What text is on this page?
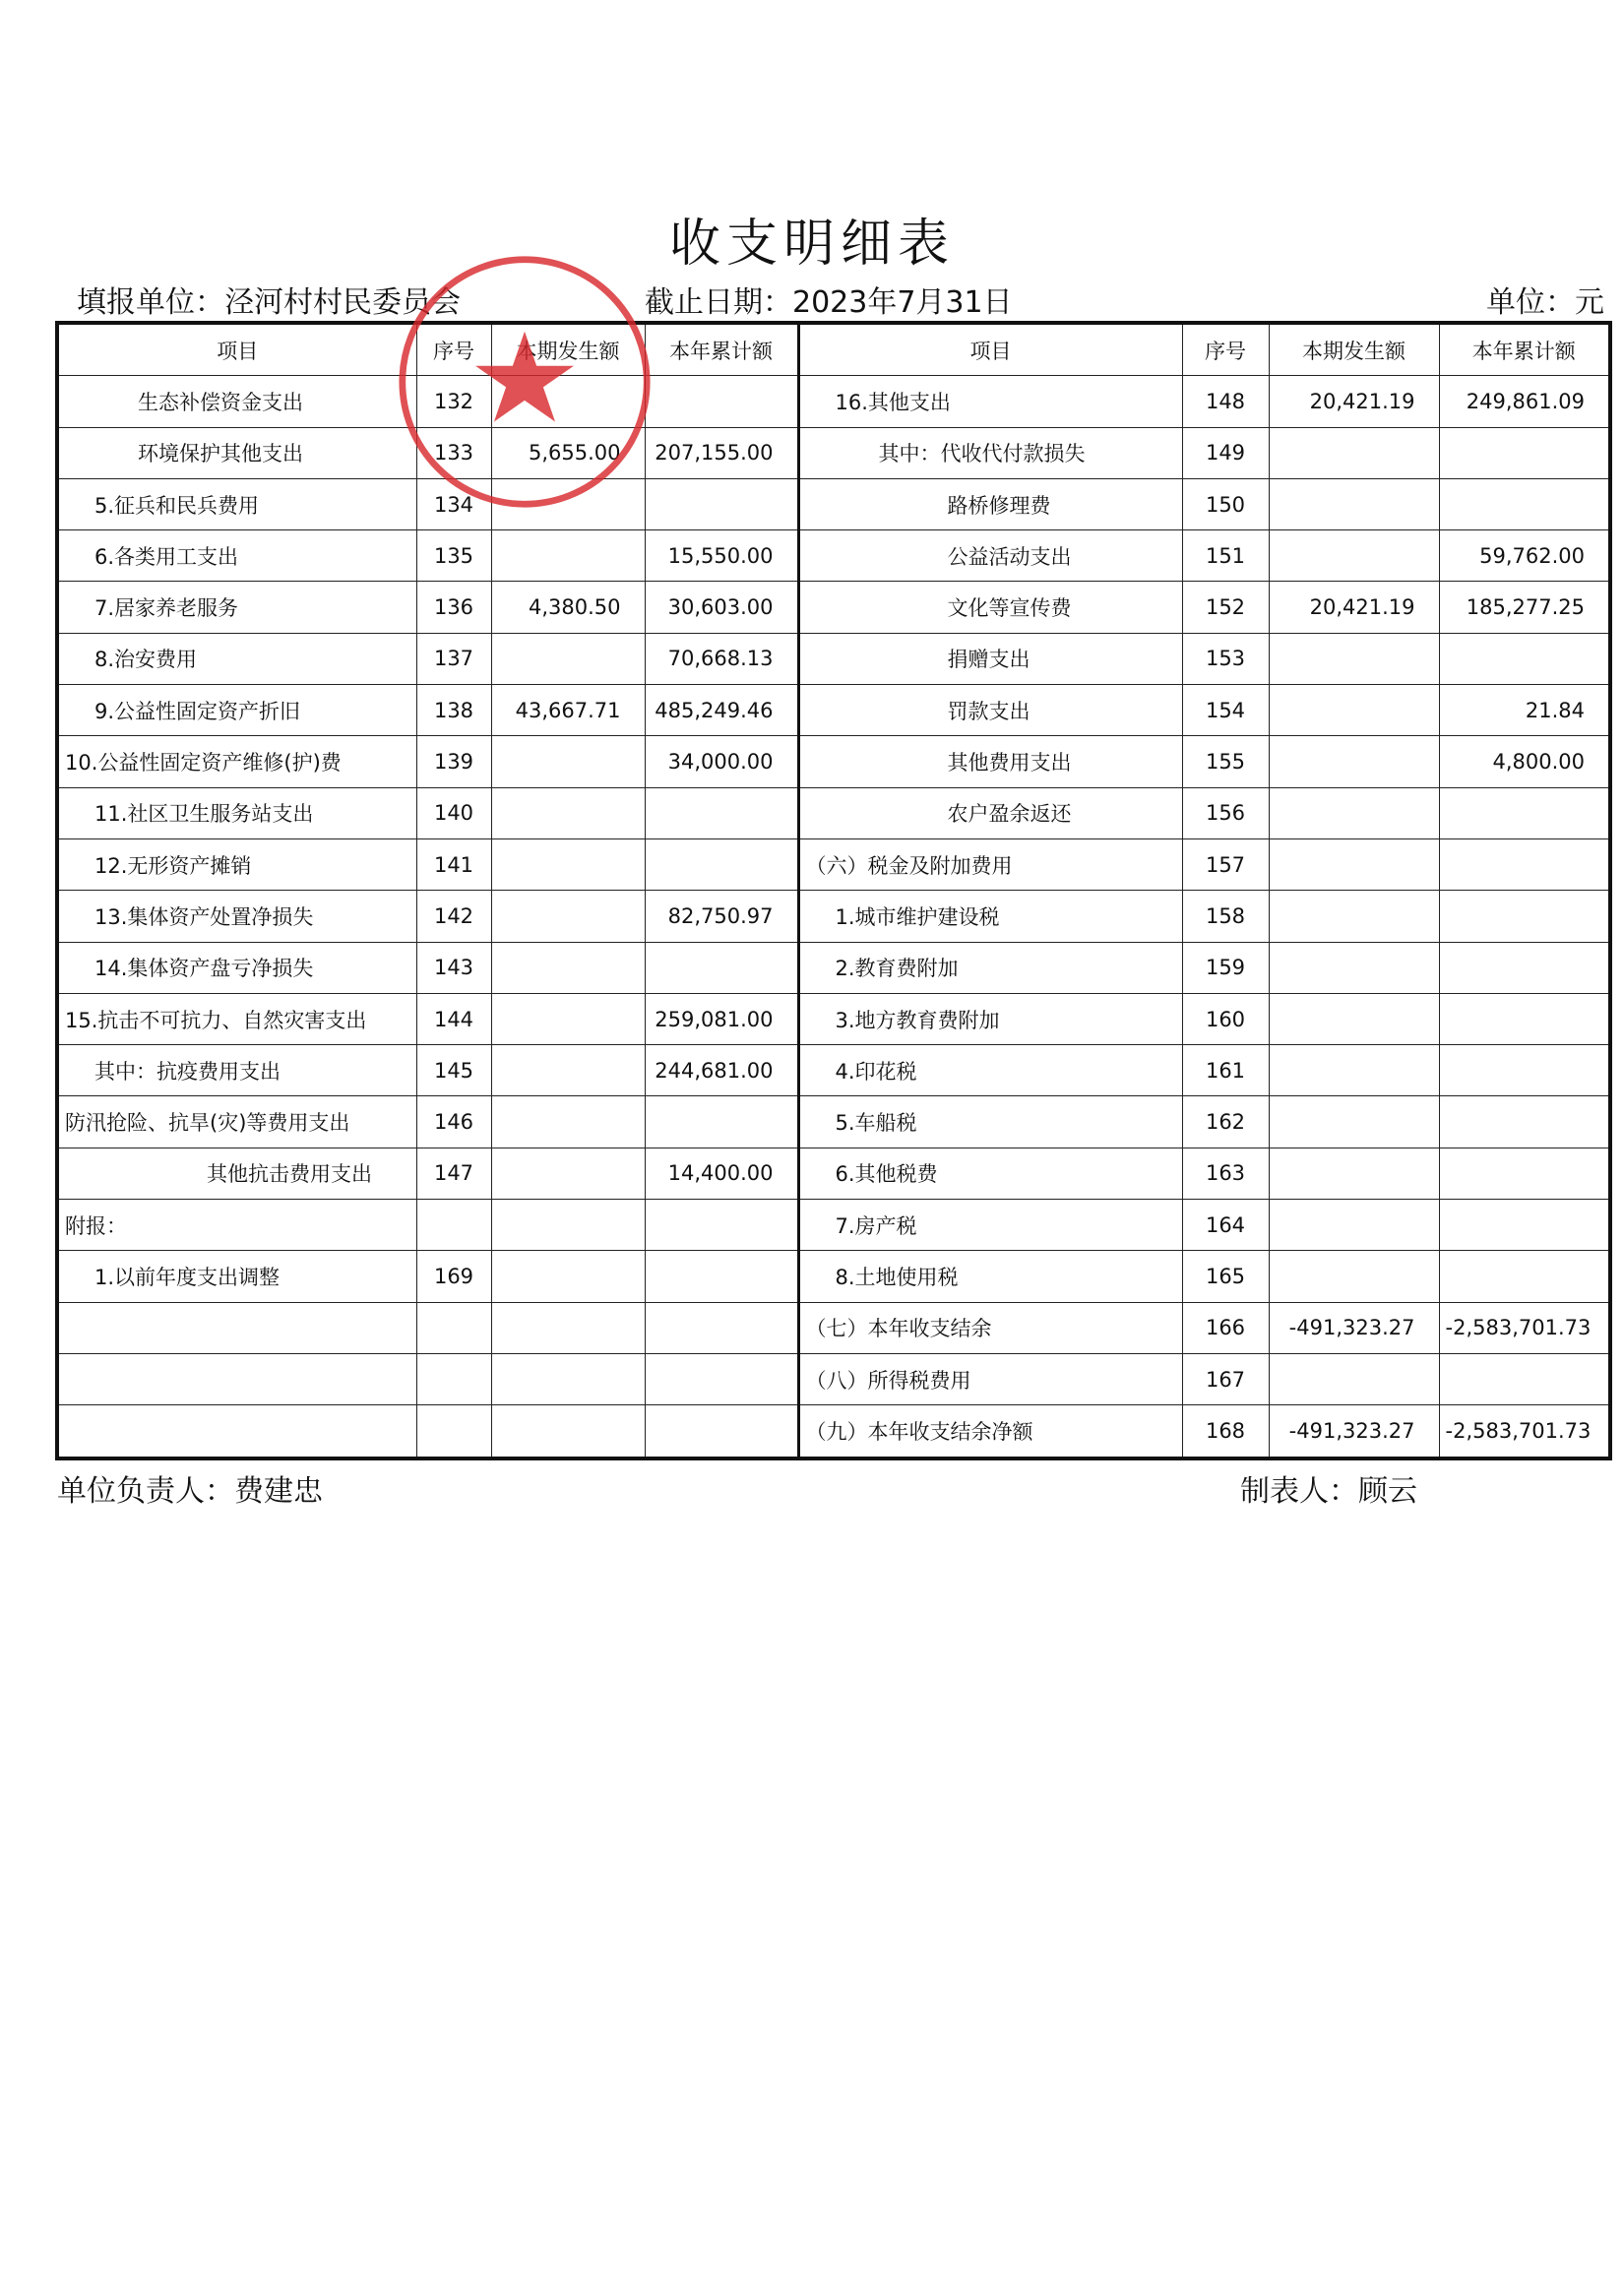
收支明细表
填报单位：泾河村村民委员会	截止日期：2023年7月31日	单位：元
项目	序号	本期发生额	本年累计额	项目	序号	本期发生额	本年累计额
生态补偿资金支出	132			16.其他支出	148	20,421.19	249,861.09
环境保护其他支出	133	5,655.00	207,155.00	其中：代收代付款损失	149		
5.征兵和民兵费用	134			路桥修理费	150		
6.各类用工支出	135		15,550.00	公益活动支出	151		59,762.00
7.居家养老服务	136	4,380.50	30,603.00	文化等宣传费	152	20,421.19	185,277.25
8.治安费用	137		70,668.13	捐赠支出	153		
9.公益性固定资产折旧	138	43,667.71	485,249.46	罚款支出	154		21.84
10.公益性固定资产维修(护)费	139		34,000.00	其他费用支出	155		4,800.00
11.社区卫生服务站支出	140			农户盈余返还	156		
12.无形资产摊销	141			（六）税金及附加费用	157		
13.集体资产处置净损失	142		82,750.97	1.城市维护建设税	158		
14.集体资产盘亏净损失	143			2.教育费附加	159		
15.抗击不可抗力、自然灾害支出	144		259,081.00	3.地方教育费附加	160		
其中：抗疫费用支出	145		244,681.00	4.印花税	161		
防汛抢险、抗旱(灾)等费用支出	146			5.车船税	162		
其他抗击费用支出	147		14,400.00	6.其他税费	163		
附报：				7.房产税	164		
1.以前年度支出调整	169			8.土地使用税	165		
				（七）本年收支结余	166	-491,323.27	-2,583,701.73
				（八）所得税费用	167		
				（九）本年收支结余净额	168	-491,323.27	-2,583,701.73
单位负责人：费建忠	制表人：顾云
